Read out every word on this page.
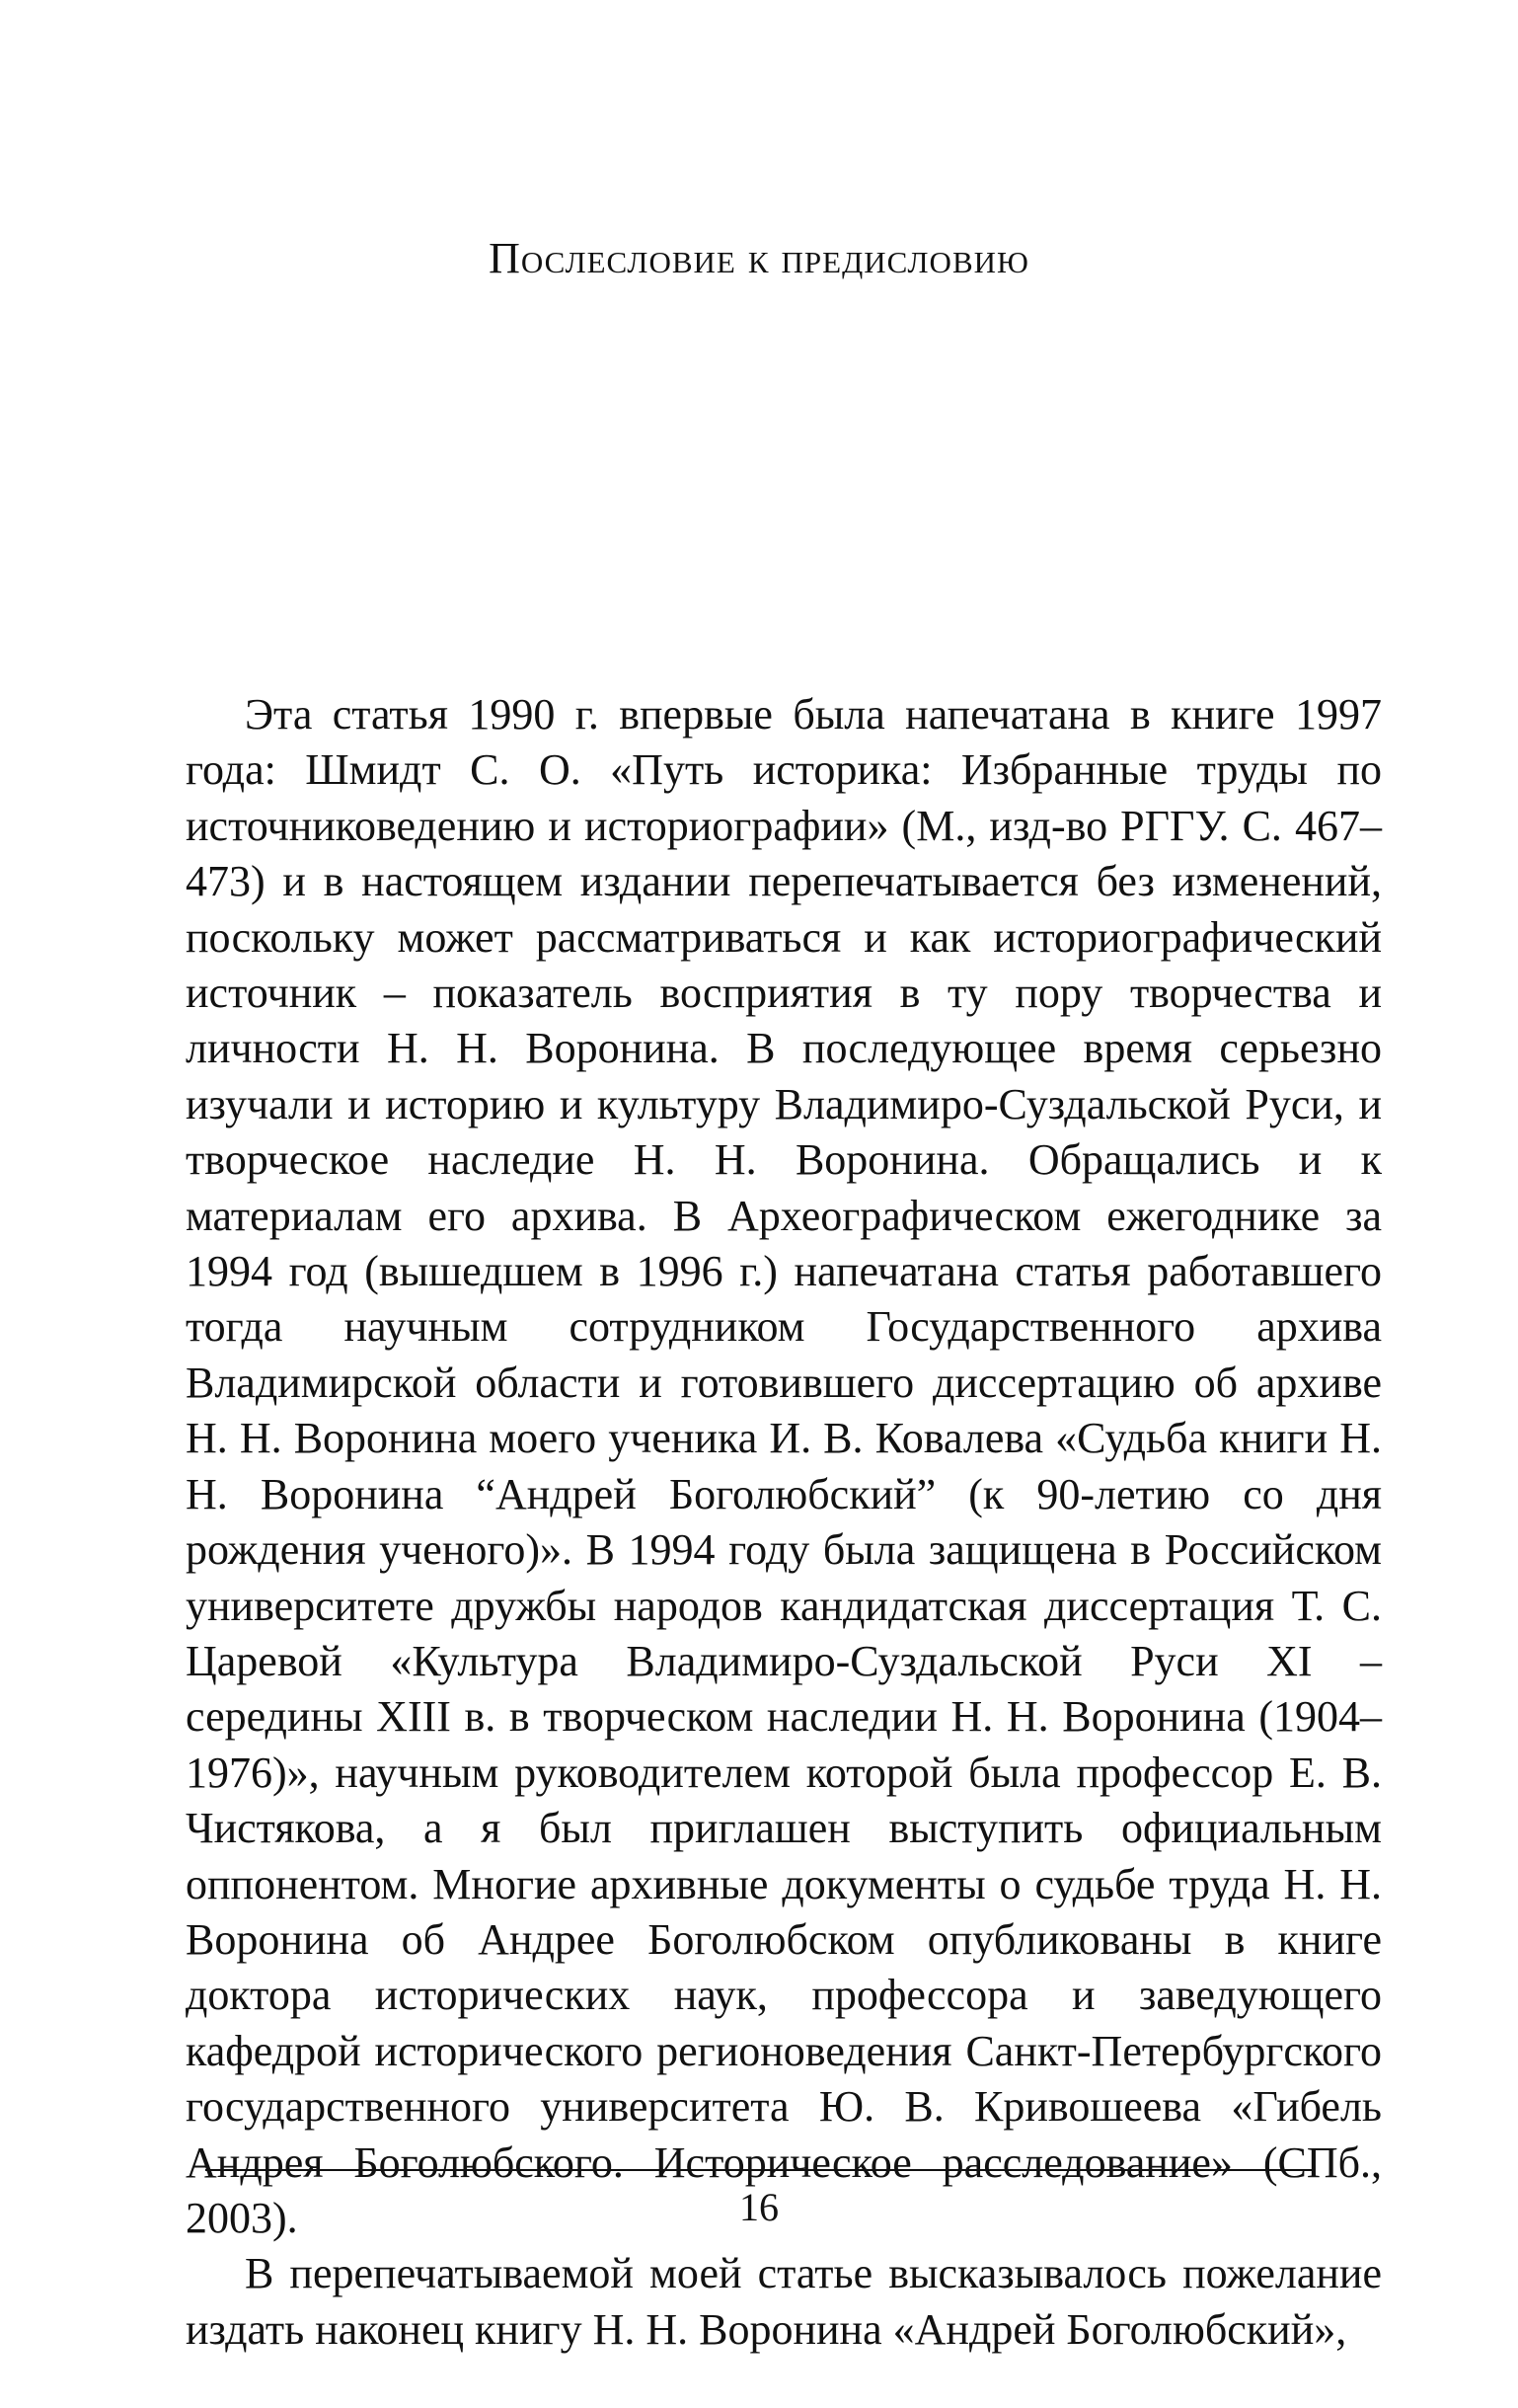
Послесловие к предисловию

Эта статья 1990 г. впервые была напечатана в книге 1997 года: Шмидт С. О. «Путь историка: Избранные труды по источниковедению и историографии» (М., изд-во РГГУ. С. 467–473) и в настоящем издании перепечатывается без изменений, поскольку может рассматриваться и как историографический источник – показатель восприятия в ту пору творчества и личности Н. Н. Воронина. В последующее время серьезно изучали и историю и культуру Владимиро-Суздальской Руси, и творческое наследие Н. Н. Воронина. Обращались и к материалам его архива. В Археографическом ежегоднике за 1994 год (вышедшем в 1996 г.) напечатана статья работавшего тогда научным сотрудником Государственного архива Владимирской области и готовившего диссертацию об архиве Н. Н. Воронина моего ученика И. В. Ковалева «Судьба книги Н. Н. Воронина “Андрей Боголюбский” (к 90-летию со дня рождения ученого)». В 1994 году была защищена в Российском университете дружбы народов кандидатская диссертация Т. С. Царевой «Культура Владимиро-Суздальской Руси XI – середины XIII в. в творческом наследии Н. Н. Воронина (1904–1976)», научным руководителем которой была профессор Е. В. Чистякова, а я был приглашен выступить официальным оппонентом. Многие архивные документы о судьбе труда Н. Н. Воронина об Андрее Боголюбском опубликованы в книге доктора исторических наук, профессора и заведующего кафедрой исторического регионоведения Санкт-Петербургского государственного университета Ю. В. Кривошеева «Гибель Андрея Боголюбского. Историческое расследование» (СПб., 2003).

В перепечатываемой моей статье высказывалось пожелание издать наконец книгу Н. Н. Воронина «Андрей Боголюбский»,

16
